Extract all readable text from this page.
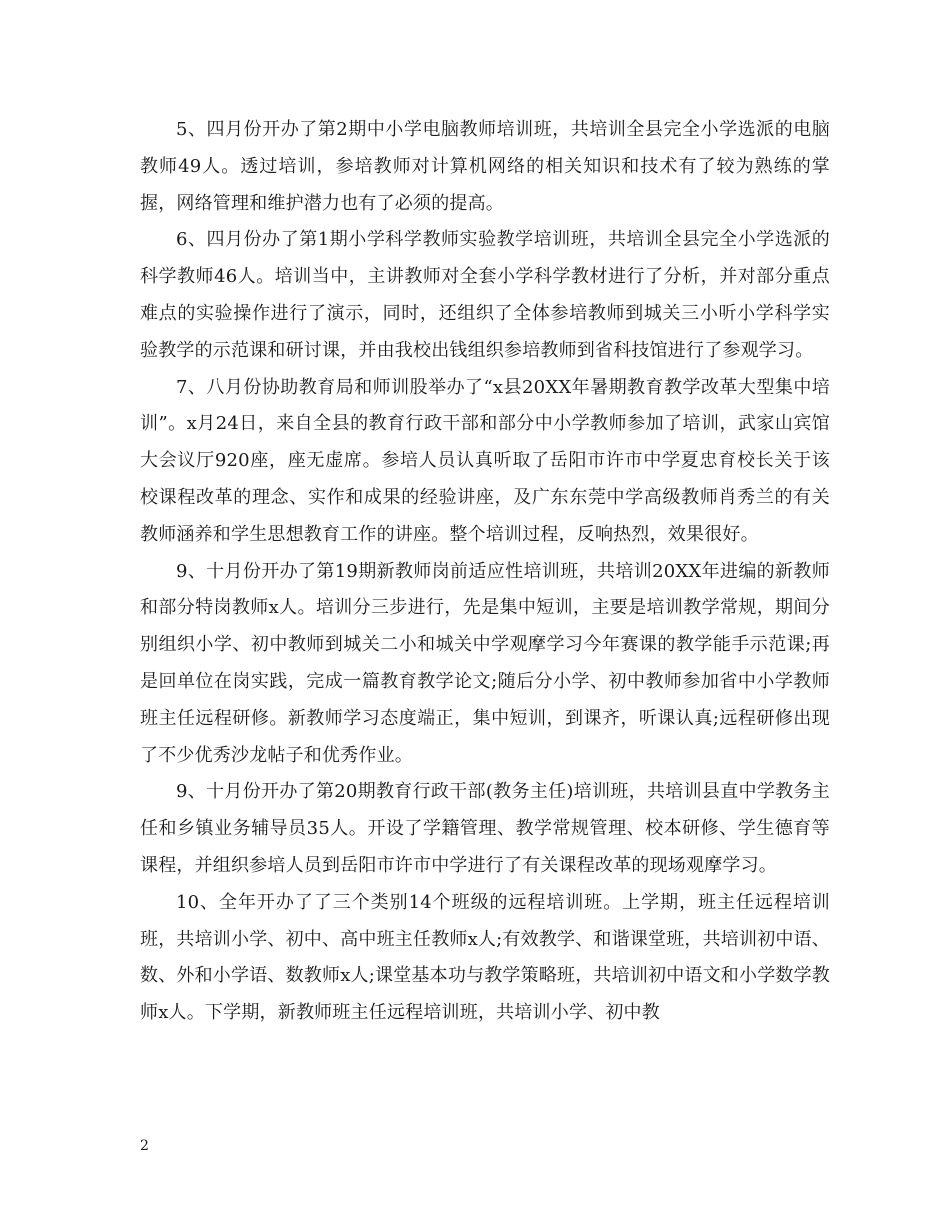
5、四月份开办了第2期中小学电脑教师培训班，共培训全县完全小学选派的电脑教师49人。透过培训，参培教师对计算机网络的相关知识和技术有了较为熟练的掌握，网络管理和维护潜力也有了必须的提高。

6、四月份办了第1期小学科学教师实验教学培训班，共培训全县完全小学选派的科学教师46人。培训当中，主讲教师对全套小学科学教材进行了分析，并对部分重点难点的实验操作进行了演示，同时，还组织了全体参培教师到城关三小听小学科学实验教学的示范课和研讨课，并由我校出钱组织参培教师到省科技馆进行了参观学习。

7、八月份协助教育局和师训股举办了“x县20XX年暑期教育教学改革大型集中培训”。x月24日，来自全县的教育行政干部和部分中小学教师参加了培训，武家山宾馆大会议厅920座，座无虚席。参培人员认真听取了岳阳市许市中学夏忠育校长关于该校课程改革的理念、实作和成果的经验讲座，及广东东莞中学高级教师肖秀兰的有关教师涵养和学生思想教育工作的讲座。整个培训过程，反响热烈，效果很好。

9、十月份开办了第19期新教师岗前适应性培训班，共培训20XX年进编的新教师和部分特岗教师x人。培训分三步进行，先是集中短训，主要是培训教学常规，期间分别组织小学、初中教师到城关二小和城关中学观摩学习今年赛课的教学能手示范课;再是回单位在岗实践，完成一篇教育教学论文;随后分小学、初中教师参加省中小学教师班主任远程研修。新教师学习态度端正，集中短训，到课齐，听课认真;远程研修出现了不少优秀沙龙帖子和优秀作业。

9、十月份开办了第20期教育行政干部(教务主任)培训班，共培训县直中学教务主任和乡镇业务辅导员35人。开设了学籍管理、教学常规管理、校本研修、学生德育等课程，并组织参培人员到岳阳市许市中学进行了有关课程改革的现场观摩学习。

10、全年开办了了三个类别14个班级的远程培训班。上学期，班主任远程培训班，共培训小学、初中、高中班主任教师x人;有效教学、和谐课堂班，共培训初中语、数、外和小学语、数教师x人;课堂基本功与教学策略班，共培训初中语文和小学数学教师x人。下学期，新教师班主任远程培训班，共培训小学、初中教

2
